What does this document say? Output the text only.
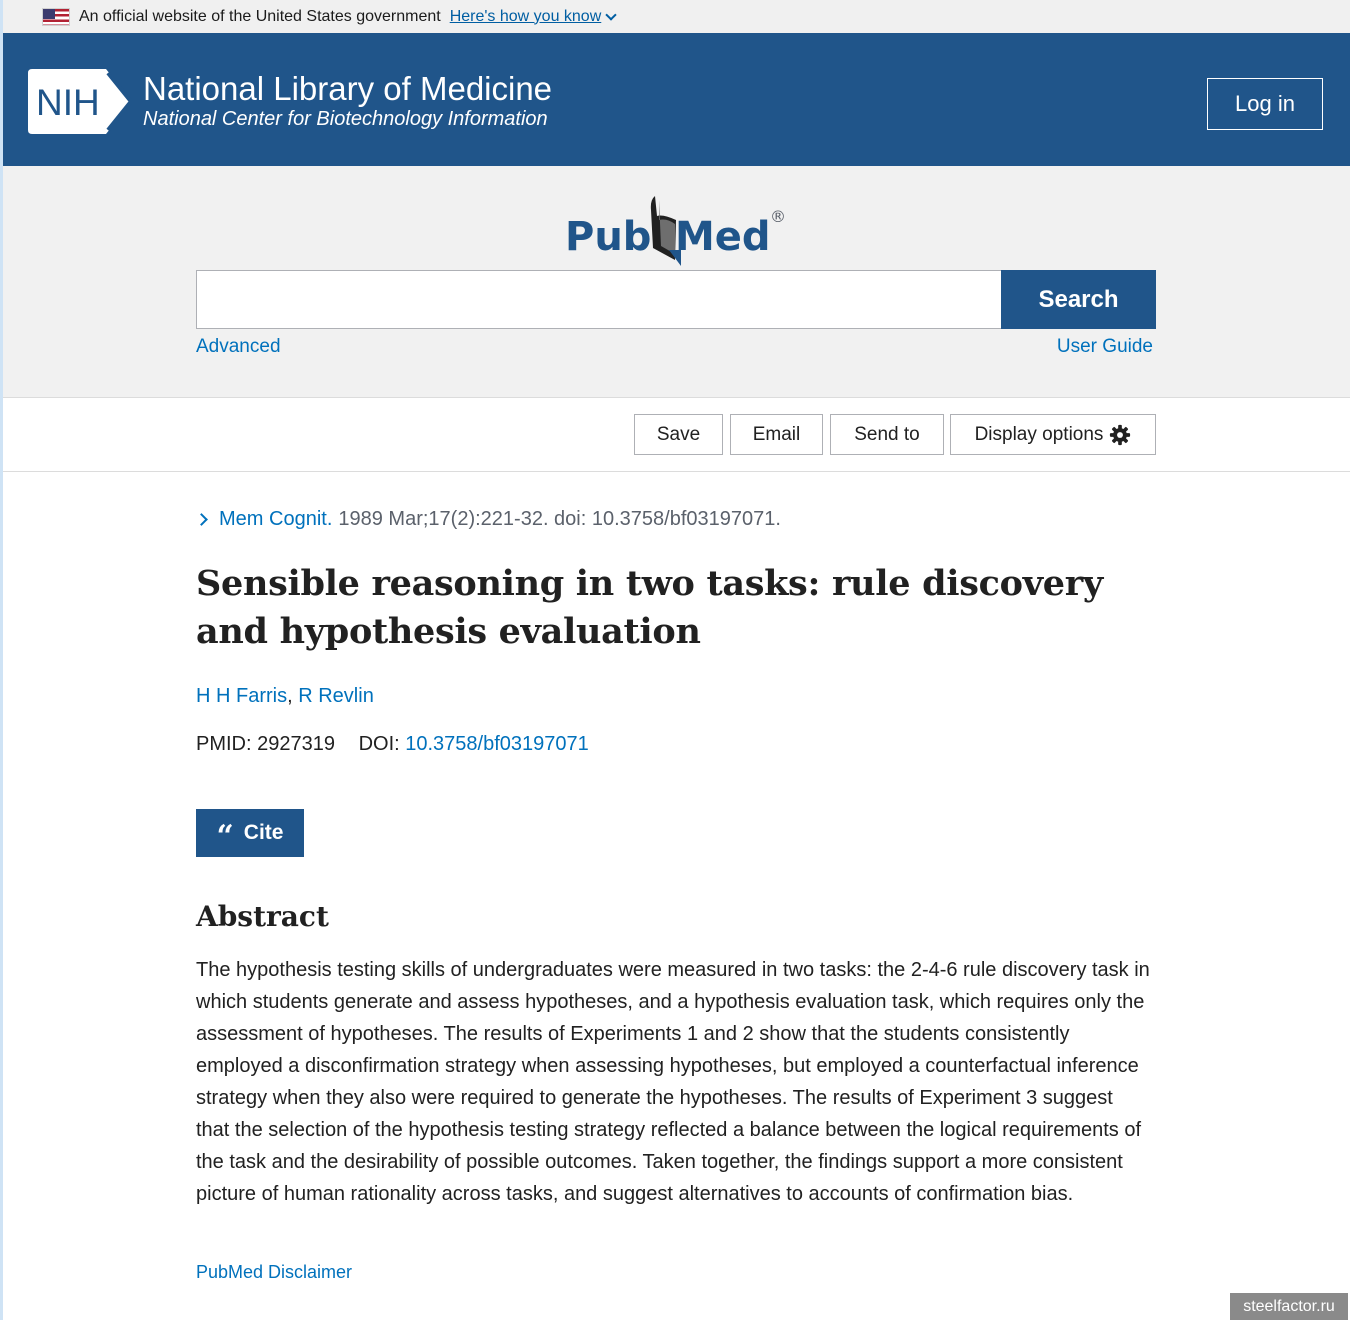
An official website of the United States government Here's how you know
NIH National Library of Medicine
National Center for Biotechnology Information
Log in
Pub Med ®
Search
Advanced	User Guide
Save	Email	Send to	Display options
Mem Cognit. 1989 Mar;17(2):221-32. doi: 10.3758/bf03197071.
Sensible reasoning in two tasks: rule discovery and hypothesis evaluation
H H Farris, R Revlin
PMID: 2927319 DOI: 10.3758/bf03197071
“ Cite
Abstract

The hypothesis testing skills of undergraduates were measured in two tasks: the 2-4-6 rule discovery task in which students generate and assess hypotheses, and a hypothesis evaluation task, which requires only the assessment of hypotheses. The results of Experiments 1 and 2 show that the students consistently employed a disconfirmation strategy when assessing hypotheses, but employed a counterfactual inference strategy when they also were required to generate the hypotheses. The results of Experiment 3 suggest that the selection of the hypothesis testing strategy reflected a balance between the logical requirements of the task and the desirability of possible outcomes. Taken together, the findings support a more consistent picture of human rationality across tasks, and suggest alternatives to accounts of confirmation bias.

PubMed Disclaimer
steelfactor.ru
